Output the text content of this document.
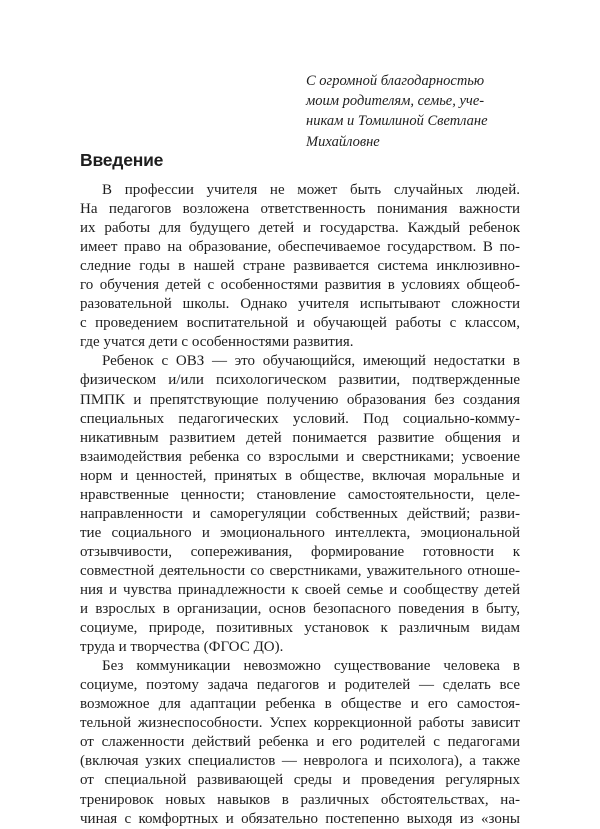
С огромной благодарностью
моим родителям, семье, уче-
никам и Томилиной Светлане
Михайловне
Введение
В профессии учителя не может быть случайных людей.
На педагогов возложена ответственность понимания важности
их работы для будущего детей и государства. Каждый ребенок
имеет право на образование, обеспечиваемое государством. В по-
следние годы в нашей стране развивается система инклюзивно-
го обучения детей с особенностями развития в условиях общеоб-
разовательной школы. Однако учителя испытывают сложности
с проведением воспитательной и обучающей работы с классом,
где учатся дети с особенностями развития.
Ребенок с ОВЗ — это обучающийся, имеющий недостатки в
физическом и/или психологическом развитии, подтвержденные
ПМПК и препятствующие получению образования без создания
специальных педагогических условий. Под социально-комму-
никативным развитием детей понимается развитие общения и
взаимодействия ребенка со взрослыми и сверстниками; усвоение
норм и ценностей, принятых в обществе, включая моральные и
нравственные ценности; становление самостоятельности, целе-
направленности и саморегуляции собственных действий; разви-
тие социального и эмоционального интеллекта, эмоциональной
отзывчивости, сопереживания, формирование готовности к
совместной деятельности со сверстниками, уважительного отноше-
ния и чувства принадлежности к своей семье и сообществу детей
и взрослых в организации, основ безопасного поведения в быту,
социуме, природе, позитивных установок к различным видам
труда и творчества (ФГОС ДО).
Без коммуникации невозможно существование человека в
социуме, поэтому задача педагогов и родителей — сделать все
возможное для адаптации ребенка в обществе и его самостоя-
тельной жизнеспособности. Успех коррекционной работы зависит
от слаженности действий ребенка и его родителей с педагогами
(включая узких специалистов — невролога и психолога), а также
от специальной развивающей среды и проведения регулярных
тренировок новых навыков в различных обстоятельствах, на-
чиная с комфортных и обязательно постепенно выходя из «зоны
